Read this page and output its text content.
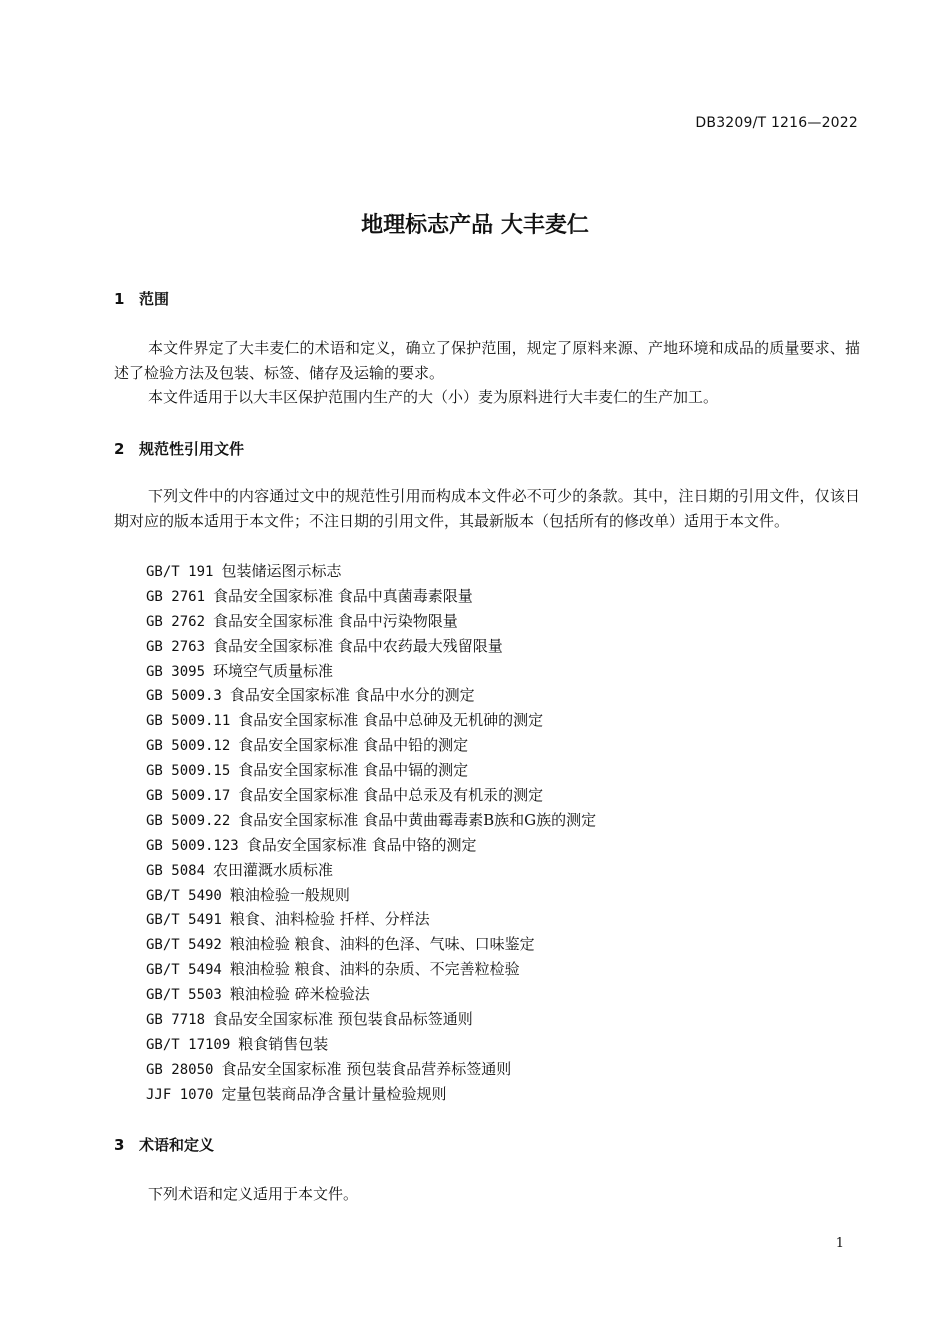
DB3209/T 1216—2022
地理标志产品 大丰麦仁
1 范围

本文件界定了大丰麦仁的术语和定义，确立了保护范围，规定了原料来源、产地环境和成品的质量要求、描述了检验方法及包装、标签、储存及运输的要求。

本文件适用于以大丰区保护范围内生产的大（小）麦为原料进行大丰麦仁的生产加工。

2 规范性引用文件

下列文件中的内容通过文中的规范性引用而构成本文件必不可少的条款。其中，注日期的引用文件，仅该日期对应的版本适用于本文件；不注日期的引用文件，其最新版本（包括所有的修改单）适用于本文件。

GB/T 191 包装储运图示标志
GB 2761 食品安全国家标准 食品中真菌毒素限量
GB 2762 食品安全国家标准 食品中污染物限量
GB 2763 食品安全国家标准 食品中农药最大残留限量
GB 3095 环境空气质量标准
GB 5009.3 食品安全国家标准 食品中水分的测定
GB 5009.11 食品安全国家标准 食品中总砷及无机砷的测定
GB 5009.12 食品安全国家标准 食品中铅的测定
GB 5009.15 食品安全国家标准 食品中镉的测定
GB 5009.17 食品安全国家标准 食品中总汞及有机汞的测定
GB 5009.22 食品安全国家标准 食品中黄曲霉毒素B族和G族的测定
GB 5009.123 食品安全国家标准 食品中铬的测定
GB 5084 农田灌溉水质标准
GB/T 5490 粮油检验一般规则
GB/T 5491 粮食、油料检验 扦样、分样法
GB/T 5492 粮油检验 粮食、油料的色泽、气味、口味鉴定
GB/T 5494 粮油检验 粮食、油料的杂质、不完善粒检验
GB/T 5503 粮油检验 碎米检验法
GB 7718 食品安全国家标准 预包装食品标签通则
GB/T 17109 粮食销售包装
GB 28050 食品安全国家标准 预包装食品营养标签通则
JJF 1070 定量包装商品净含量计量检验规则
3 术语和定义

下列术语和定义适用于本文件。

1
